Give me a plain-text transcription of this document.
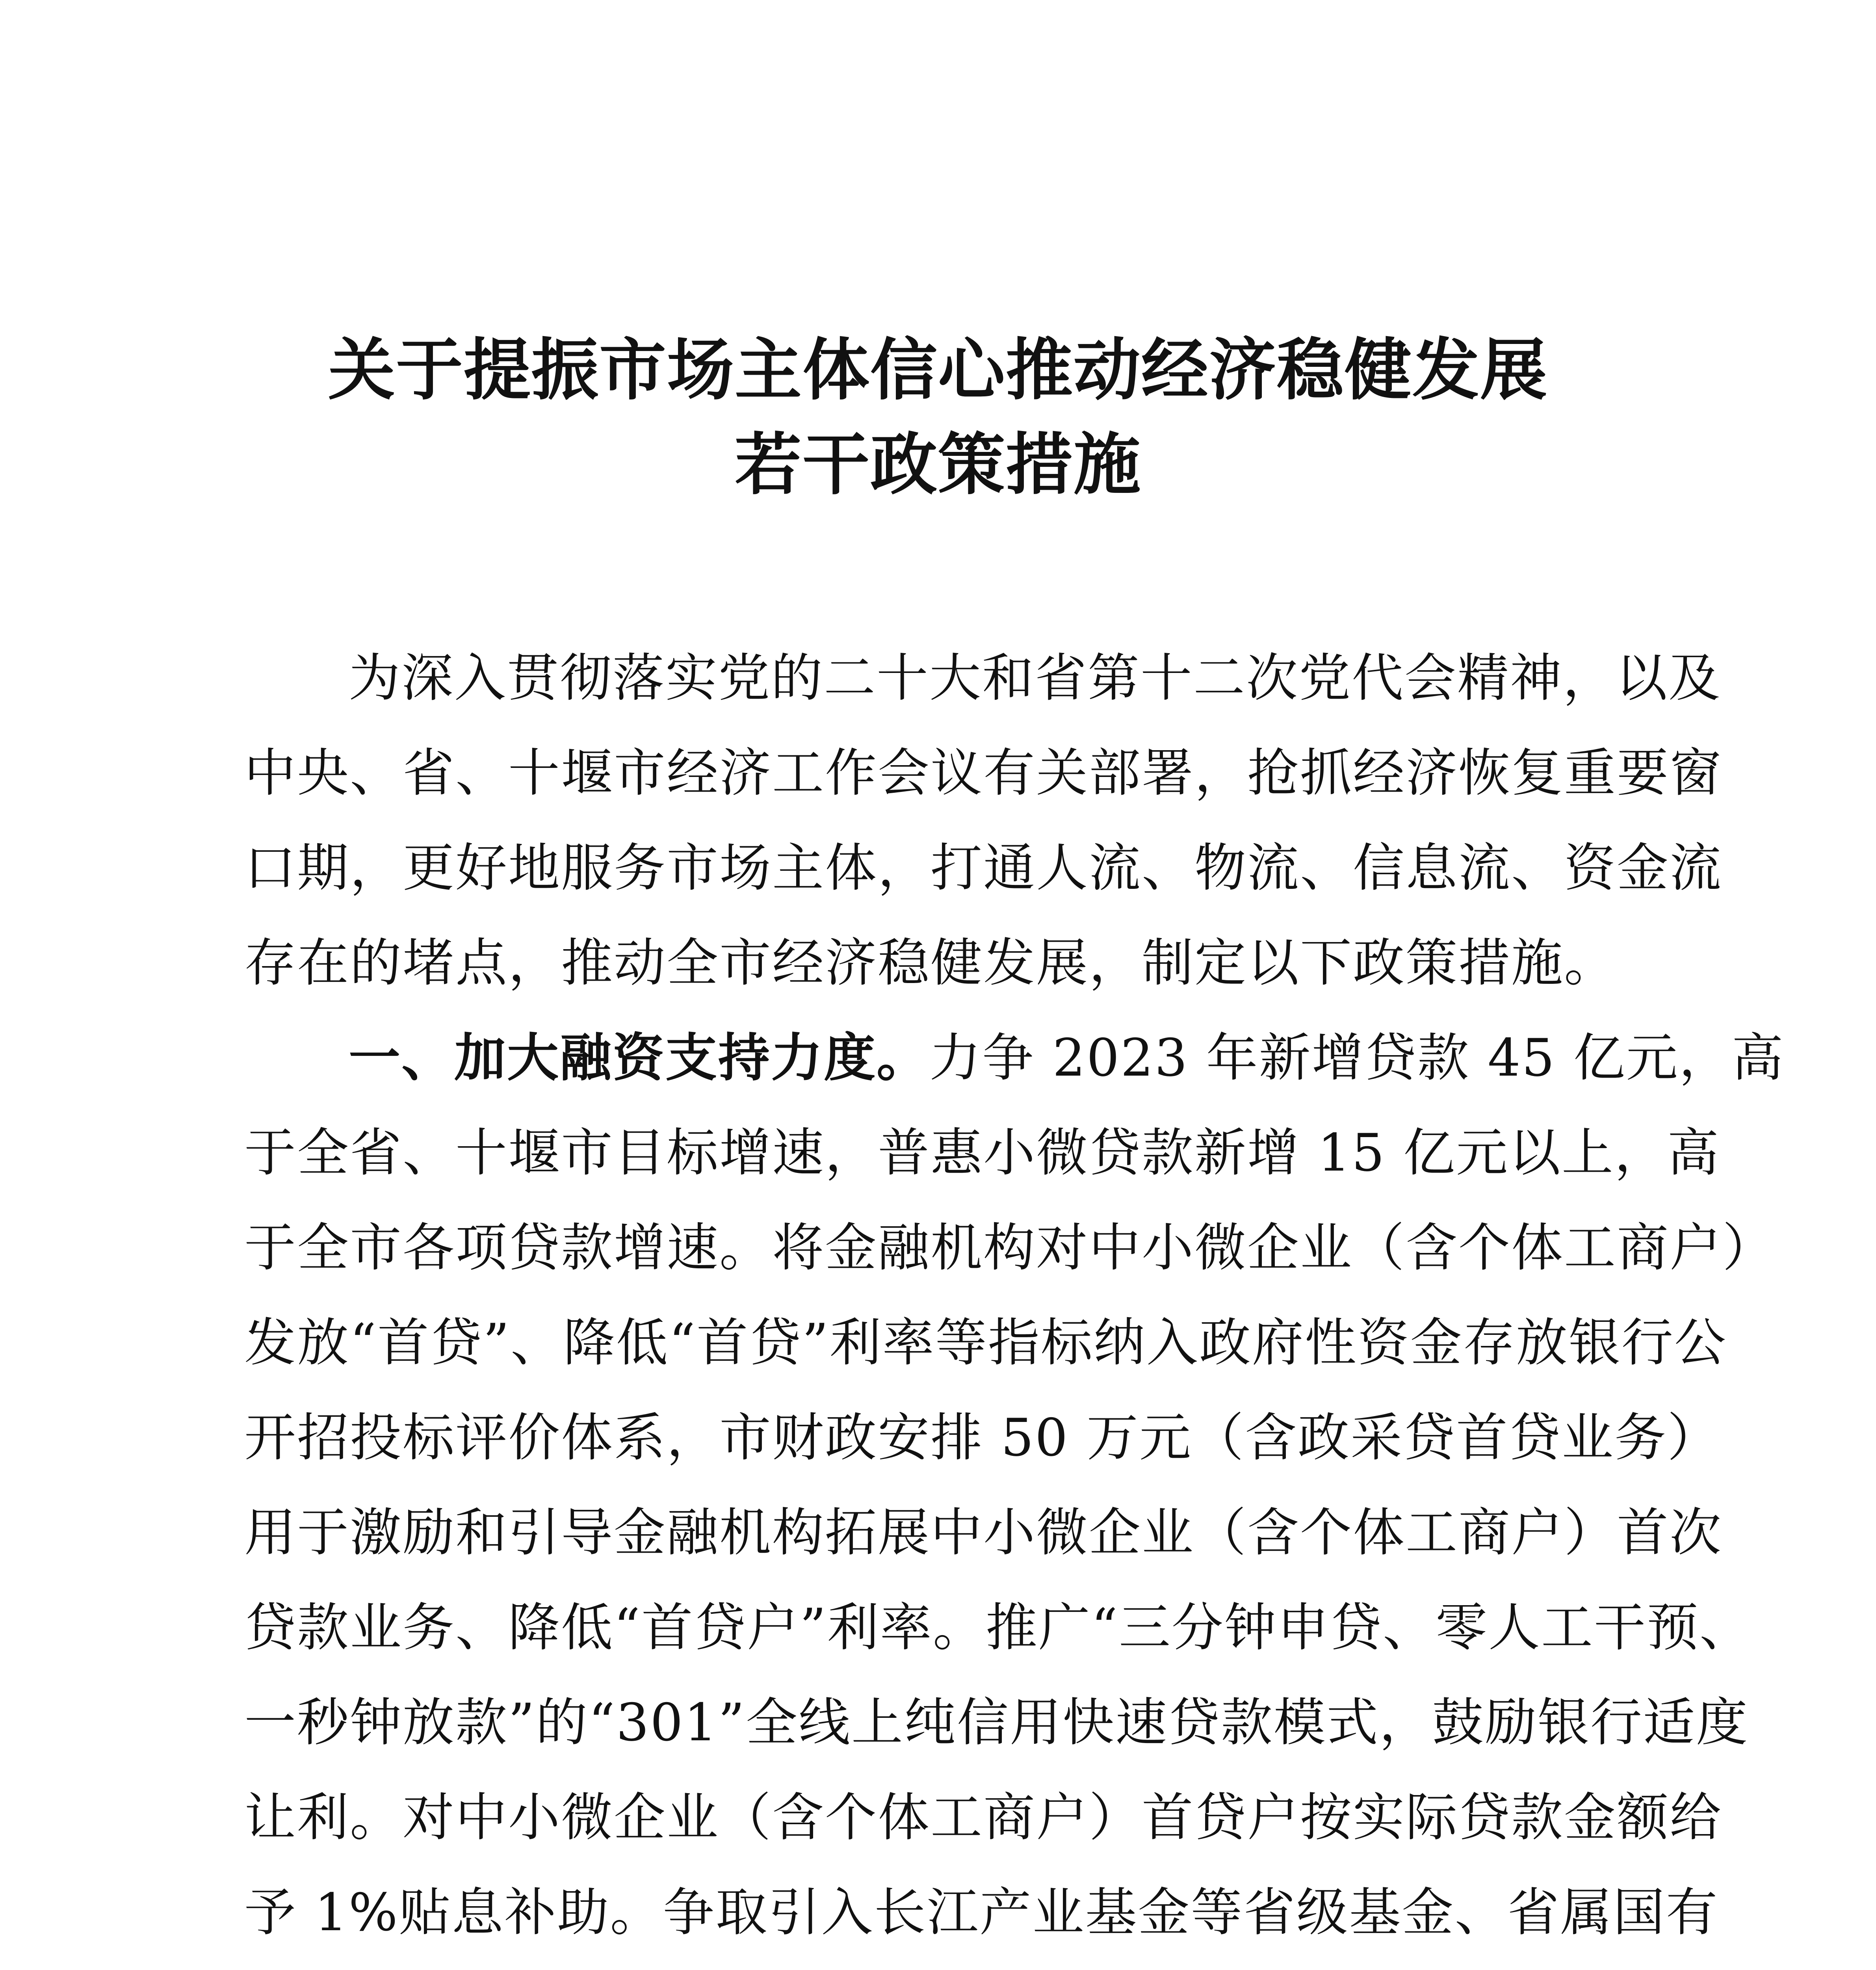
关于提振市场主体信心推动经济稳健发展
若干政策措施
为深入贯彻落实党的二十大和省第十二次党代会精神，以及
中央、省、十堰市经济工作会议有关部署，抢抓经济恢复重要窗
口期，更好地服务市场主体，打通人流、物流、信息流、资金流
存在的堵点，推动全市经济稳健发展，制定以下政策措施。
一、加大融资支持力度。力争 2023 年新增贷款 45 亿元，高
于全省、十堰市目标增速，普惠小微贷款新增 15 亿元以上，高
于全市各项贷款增速。将金融机构对中小微企业（含个体工商户）
发放“首贷”、降低“首贷”利率等指标纳入政府性资金存放银行公
开招投标评价体系，市财政安排 50 万元（含政采贷首贷业务）
用于激励和引导金融机构拓展中小微企业（含个体工商户）首次
贷款业务、降低“首贷户”利率。推广“三分钟申贷、零人工干预、
一秒钟放款”的“301”全线上纯信用快速贷款模式，鼓励银行适度
让利。对中小微企业（含个体工商户）首贷户按实际贷款金额给
予 1%贴息补助。争取引入长江产业基金等省级基金、省属国有
